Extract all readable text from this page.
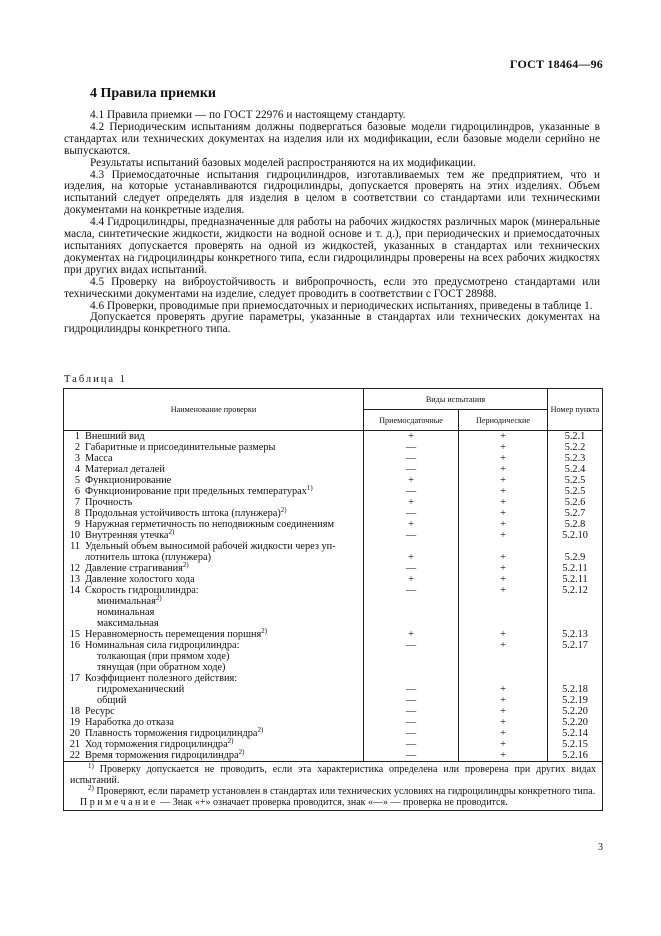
ГОСТ 18464—96
4 Правила приемки

4.1 Правила приемки — по ГОСТ 22976 и настоящему стандарту.

4.2 Периодическим испытаниям должны подвергаться базовые модели гидроцилиндров, указанные в стандартах или технических документах на изделия или их модификации, если базовые модели серийно не выпускаются.

Результаты испытаний базовых моделей распространяются на их модификации.

4.3 Приемосдаточные испытания гидроцилиндров, изготавливаемых тем же предприятием, что и изделия, на которые устанавливаются гидроцилиндры, допускается проверять на этих изделиях. Объем испытаний следует определять для изделия в целом в соответствии со стандартами или техническими документами на конкретные изделия.

4.4 Гидроцилиндры, предназначенные для работы на рабочих жидкостях различных марок (минеральные масла, синтетические жидкости, жидкости на водной основе и т. д.), при периодических и приемосдаточных испытаниях допускается проверять на одной из жидкостей, указанных в стандартах или технических документах на гидроцилиндры конкретного типа, если гидроцилиндры проверены на всех рабочих жидкостях при других видах испытаний.

4.5 Проверку на виброустойчивость и вибропрочность, если это предусмотрено стандартами или техническими документами на изделие, следует проводить в соответствии с ГОСТ 28988.

4.6 Проверки, проводимые при приемосдаточных и периодических испытаниях, приведены в таблице 1.

Допускается проверять другие параметры, указанные в стандартах или технических документах на гидроцилиндры конкретного типа.

Таблица 1
Наименование проверки		Виды испытания		Номер пункта
		Приемосдаточные	Периодические	
1	Внешний вид	+	+	5.2.1
2	Габаритные и присоединительные размеры	—	+	5.2.2
3	Масса	—	+	5.2.3
4	Материал деталей	—	+	5.2.4
5	Функционирование	+	+	5.2.5
6	Функционирование при предельных температурах$^{1)}$	—	+	5.2.5
7	Прочность	+	+	5.2.6
8	Продольная устойчивость штока (плунжера)$^{2)}$	—	+	5.2.7
9	Наружная герметичность по неподвижным соединениям	+	+	5.2.8
10	Внутренняя утечка$^{2)}$	—	+	5.2.10
11	Удельный объем выносимой рабочей жидкости через уп-			
	лотнитель штока (плунжера)	+	+	5.2.9
12	Давление страгивания$^{2)}$	—	+	5.2.11
13	Давление холостого хода	+	+	5.2.11
14	Скорость гидроцилиндра:	—	+	5.2.12
	минимальная$^{2)}$			
	номинальная			
	максимальная			
15	Неравномерность перемещения поршня$^{2)}$	+	+	5.2.13
16	Номинальная сила гидроцилиндра:	—	+	5.2.17
	толкающая (при прямом ходе)			
	тянущая (при обратном ходе)			
17	Коэффициент полезного действия:			
	гидромеханический	—	+	5.2.18
	общий	—	+	5.2.19
18	Ресурс	—	+	5.2.20
19	Наработка до отказа	—	+	5.2.20
20	Плавность торможения гидроцилиндра$^{2)}$	—	+	5.2.14
21	Ход торможения гидроцилиндра$^{2)}$	—	+	5.2.15
22	Время торможения гидроцилиндра$^{2)}$	—	+	5.2.16

$^{1)}$ Проверку допускается не проводить, если эта характеристика определена или проверена при других видах испытаний.

$^{2)}$ Проверяют, если параметр установлен в стандартах или технических условиях на гидроцилиндры конкретного типа.

Примечание — Знак «+» означает проверка проводится, знак «—» — проверка не проводится.

3
